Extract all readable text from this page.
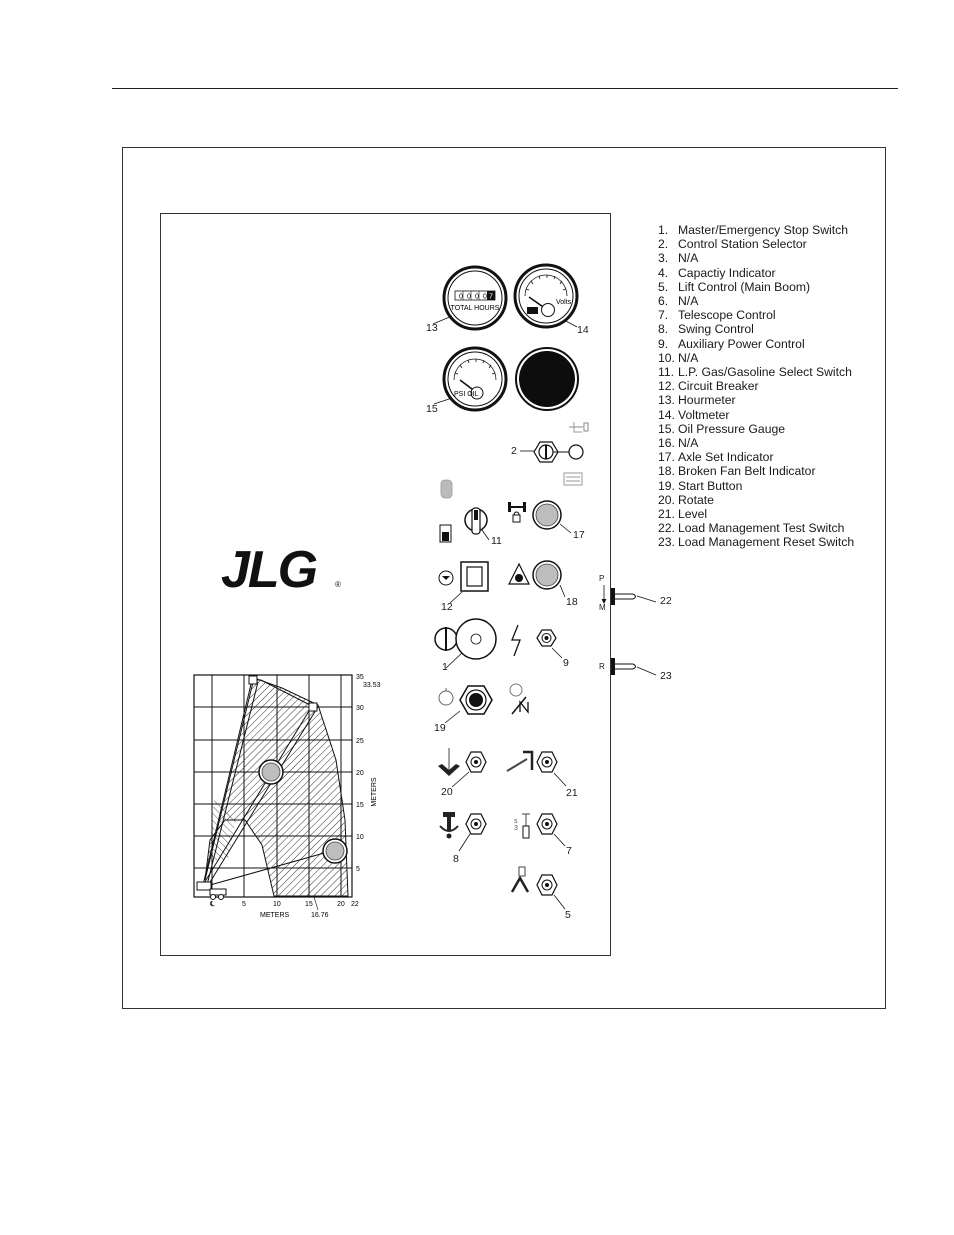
1. Master/Emergency Stop Switch
2. Control Station Selector
3. N/A
4. Capactiy Indicator
5. Lift Control (Main Boom)
6. N/A
7. Telescope Control
8. Swing Control
9. Auxiliary Power Control
10. N/A
11. L.P. Gas/Gasoline Select Switch
12. Circuit Breaker
13. Hourmeter
14. Voltmeter
15. Oil Pressure Gauge
16. N/A
17. Axle Set Indicator
18. Broken Fan Belt Indicator
19. Start Button
20. Rotate
21. Level
22. Load Management Test Switch
23. Load Management Reset Switch
JLG ®
0 0 0 0 7
TOTAL HOURS
Volts
PSI OIL
s
3
35
33.53
30
25
20
15
10
5
METERS
℄	5	10	15	20 22
METERS	16.76
13	14
15
2
11	17
18
12
1	9
19
20	21
8
7
5
22
23
P
M
R
